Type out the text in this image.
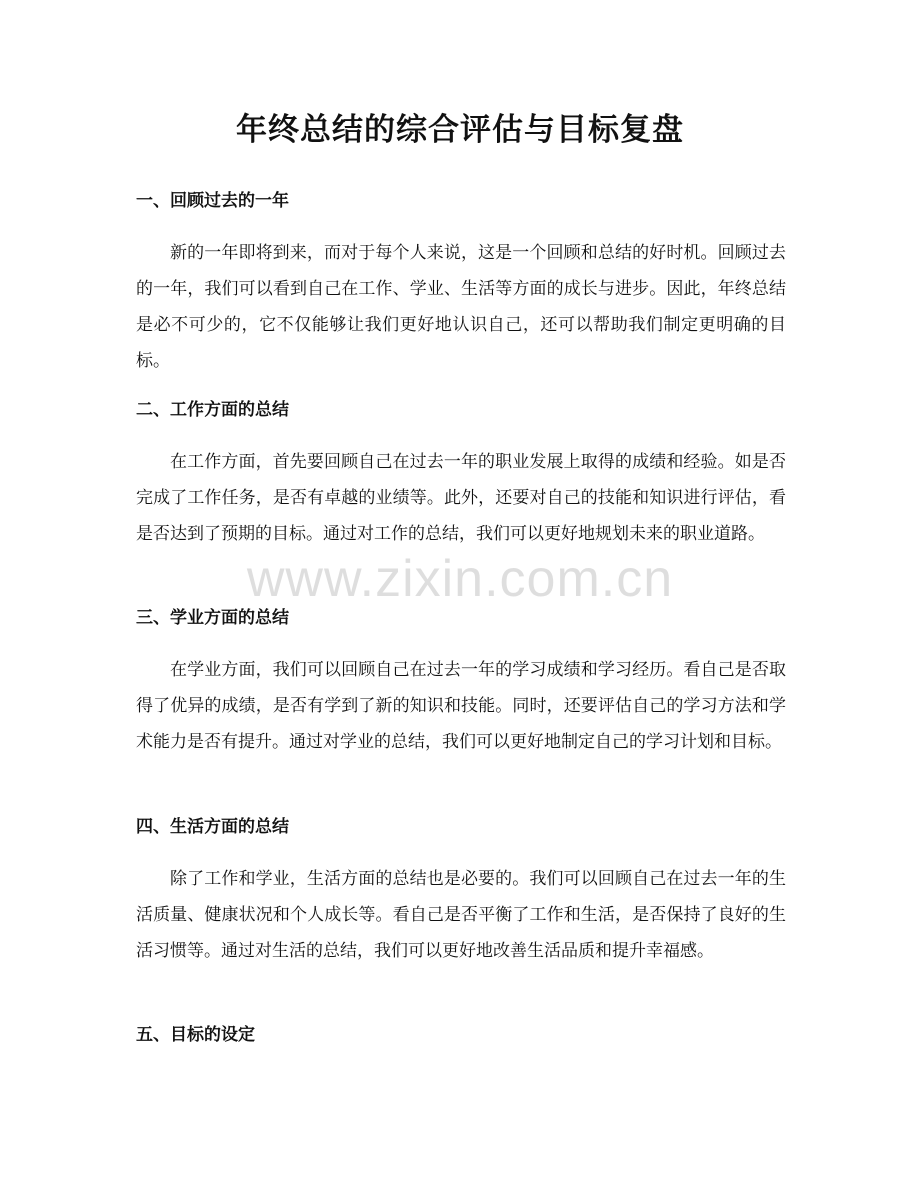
年终总结的综合评估与目标复盘
一、回顾过去的一年

新的一年即将到来，而对于每个人来说，这是一个回顾和总结的好时机。回顾过去的一年，我们可以看到自己在工作、学业、生活等方面的成长与进步。因此，年终总结是必不可少的，它不仅能够让我们更好地认识自己，还可以帮助我们制定更明确的目标。

二、工作方面的总结

在工作方面，首先要回顾自己在过去一年的职业发展上取得的成绩和经验。如是否完成了工作任务，是否有卓越的业绩等。此外，还要对自己的技能和知识进行评估，看是否达到了预期的目标。通过对工作的总结，我们可以更好地规划未来的职业道路。

三、学业方面的总结

在学业方面，我们可以回顾自己在过去一年的学习成绩和学习经历。看自己是否取得了优异的成绩，是否有学到了新的知识和技能。同时，还要评估自己的学习方法和学术能力是否有提升。通过对学业的总结，我们可以更好地制定自己的学习计划和目标。

四、生活方面的总结

除了工作和学业，生活方面的总结也是必要的。我们可以回顾自己在过去一年的生活质量、健康状况和个人成长等。看自己是否平衡了工作和生活，是否保持了良好的生活习惯等。通过对生活的总结，我们可以更好地改善生活品质和提升幸福感。

五、目标的设定
www.zixin.com.cn
